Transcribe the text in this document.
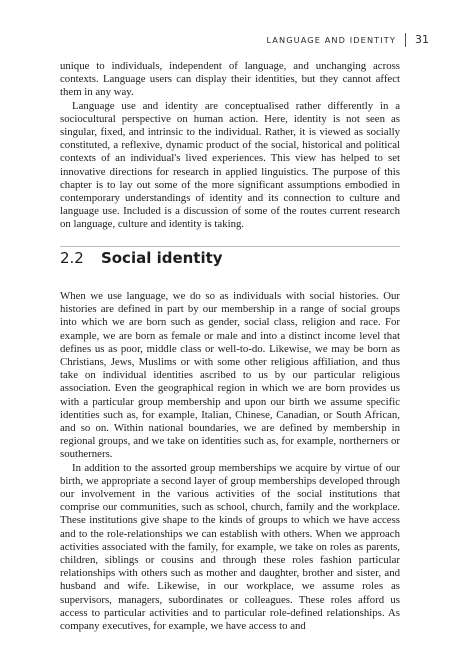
LANGUAGE AND IDENTITY 31

unique to individuals, independent of language, and unchanging across contexts. Language users can display their identities, but they cannot affect them in any way.

Language use and identity are conceptualised rather differently in a sociocultural perspective on human action. Here, identity is not seen as singular, fixed, and intrinsic to the individual. Rather, it is viewed as socially constituted, a reflexive, dynamic product of the social, historical and political contexts of an individual's lived experiences. This view has helped to set innovative directions for research in applied linguistics. The purpose of this chapter is to lay out some of the more significant assumptions embodied in contemporary understandings of identity and its connection to culture and language use. Included is a discussion of some of the routes current research on language, culture and identity is taking.

2.2 Social identity

When we use language, we do so as individuals with social histories. Our histories are defined in part by our membership in a range of social groups into which we are born such as gender, social class, religion and race. For example, we are born as female or male and into a distinct income level that defines us as poor, middle class or well-to-do. Likewise, we may be born as Christians, Jews, Muslims or with some other religious affiliation, and thus take on individual identities ascribed to us by our particular religious association. Even the geographical region in which we are born provides us with a particular group membership and upon our birth we assume specific identities such as, for example, Italian, Chinese, Canadian, or South African, and so on. Within national boundaries, we are defined by membership in regional groups, and we take on identities such as, for example, northerners or southerners.

In addition to the assorted group memberships we acquire by virtue of our birth, we appropriate a second layer of group memberships developed through our involvement in the various activities of the social institutions that comprise our communities, such as school, church, family and the workplace. These institutions give shape to the kinds of groups to which we have access and to the role-relationships we can establish with others. When we approach activities associated with the family, for example, we take on roles as parents, children, siblings or cousins and through these roles fashion particular relationships with others such as mother and daughter, brother and sister, and husband and wife. Likewise, in our workplace, we assume roles as supervisors, managers, subordinates or colleagues. These roles afford us access to particular activities and to particular role-defined relationships. As company executives, for example, we have access to and
